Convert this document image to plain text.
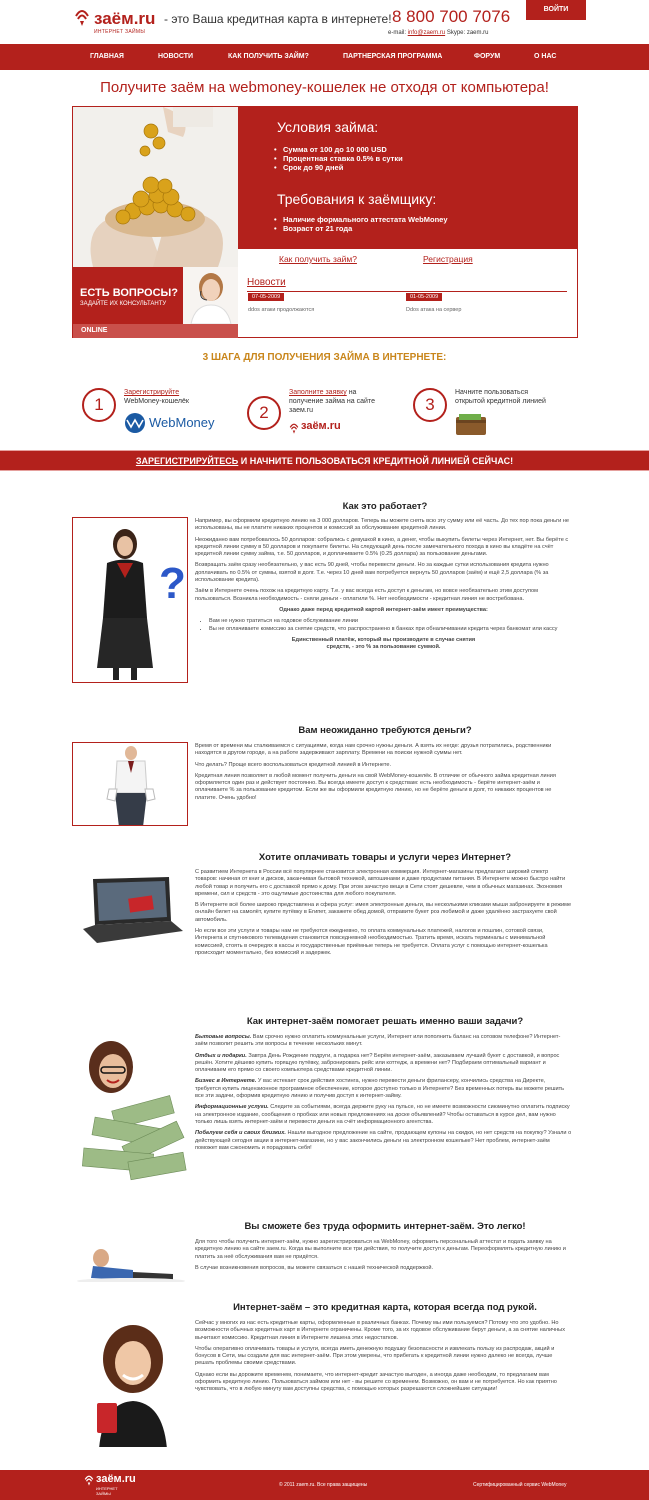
заём.ru
ИНТЕРНЕТ ЗАЙМЫ
- это Ваша кредитная карта в интернете! 8 800 700 7076
e-mail: info@zaem.ru Skype: zaem.ru
ВОЙТИ
ГЛАВНАЯ	НОВОСТИ	КАК ПОЛУЧИТЬ ЗАЙМ?	ПАРТНЕРСКАЯ ПРОГРАММА	ФОРУМ	О НАС
Получите заём на webmoney-кошелек не отходя от компьютера!
Условия займа:
• Сумма от 100 до 10 000 USD
• Процентная ставка 0.5% в сутки
• Срок до 90 дней
Требования к заёмщику:
• Наличие формального аттестата WebMoney
• Возраст от 21 года
Как получить займ?	Регистрация
ЕСТЬ ВОПРОСЫ?
ЗАДАЙТЕ ИХ КОНСУЛЬТАНТУ
ONLINE
Новости
07-05-2009
ddos атаки продолжаются
01-05-2009
Ddos атака на сервер
3 ШАГА ДЛЯ ПОЛУЧЕНИЯ ЗАЙМА В ИНТЕРНЕТЕ:
1
Зарегистрируйте
WebMoney-кошелёк
WebMoney
2
Заполните заявку на получение займа на сайте заем.ru
заём.ru
3
Начните пользоваться открытой кредитной линией
ЗАРЕГИСТРИРУЙТЕСЬ И НАЧНИТЕ ПОЛЬЗОВАТЬСЯ КРЕДИТНОЙ ЛИНИЕЙ СЕЙЧАС!
Как это работает?
?

Например, вы оформили кредитную линию на 3 000 долларов. Теперь вы можете снять всю эту сумму или её часть. До тех пор пока деньги не использованы, вы не платите никаких процентов и комиссий за обслуживание кредитной линии.

Неожиданно вам потребовалось 50 долларов: собрались с девушкой в кино, а денег, чтобы выкупить билеты через Интернет, нет. Вы берёте с кредитной линии сумму в 50 долларов и покупаете билеты. На следующий день после замечательного похода в кино вы кладёте на счёт кредитной линии сумму займа, т.е. 50 долларов, и доплачиваете 0.5% (0.25 доллара) за пользование деньгами.

Возвращать заём сразу необязательно, у вас есть 90 дней, чтобы перевести деньги. Но за каждые сутки использования кредита нужно доплачивать по 0.5% от суммы, взятой в долг. Т.е. через 10 дней вам потребуется вернуть 50 долларов (заём) и ещё 2,5 доллара (% за использование кредита).

Заём в Интернете очень похож на кредитную карту. Т.е. у вас всегда есть доступ к деньгам, но вовсе необязательно этим доступом пользоваться. Возникла необходимость - сняли деньги - оплатили %. Нет необходимости - кредитная линия не востребована.

Однако даже перед кредитной картой интернет-заём имеет преимущества:

• Вам не нужно тратиться на годовое обслуживание линии
• Вы не оплачиваете комиссию за снятие средств, что распространено в банках при обналичивании кредита через банкомат или кассу

Единственный платёж, который вы производите в случае снятия средств, - это % за пользование суммой.

Вам неожиданно требуются деньги?

Время от времени мы сталкиваемся с ситуациями, когда нам срочно нужны деньги. А взять их негде: друзья потратились, родственники находятся в другом городе, а на работе задерживают зарплату. Времени на поиски нужной суммы нет.

Что делать? Проще всего воспользоваться кредитной линией в Интернете.

Кредитная линия позволяет в любой момент получить деньги на свой WebMoney-кошелёк. В отличие от обычного займа кредитная линия оформляется один раз и действует постоянно. Вы всегда имеете доступ к средствам: есть необходимость - берёте интернет-заём и оплачиваете % за пользование кредитом. Если же вы оформили кредитную линию, но не берёте деньги в долг, то никаких процентов не платите. Очень удобно!

Хотите оплачивать товары и услуги через Интернет?

С развитием Интернета в России всё популярнее становится электронная коммерция. Интернет-магазины предлагают широкий спектр товаров: начиная от книг и дисков, заканчивая бытовой техникой, автошинами и даже продуктами питания. В Интернете можно быстро найти любой товар и получить его с доставкой прямо к дому. При этом зачастую вещи в Сети стоят дешевле, чем в обычных магазинах. Экономия времени, сил и средств - это ощутимые достоинства для любого покупателя.

В Интернете всё более широко представлена и сфера услуг: имея электронные деньги, вы несколькими кликами мыши забронируете в режиме онлайн билет на самолёт, купите путёвку в Египет, закажете обед домой, отправите букет роз любимой и даже удалённо застрахуете свой автомобиль.

Но если все эти услуги и товары нам не требуются ежедневно, то оплата коммунальных платежей, налогов и пошлин, сотовой связи, Интернета и спутникового телевидения становится повседневной необходимостью. Тратить время, искать терминалы с минимальной комиссией, стоять в очередях в кассы и государственные приёмные теперь не требуется. Оплата услуг с помощью интернет-кошелька происходит моментально, без комиссий и задержек.

Как интернет-заём помогает решать именно ваши задачи?

Бытовые вопросы. Вам срочно нужно оплатить коммунальные услуги, Интернет или пополнить баланс на сотовом телефоне? Интернет-заём позволит решить эти вопросы в течение нескольких минут.

Отдых и подарки. Завтра День Рождение подруги, а подарка нет? Берём интернет-заём, заказываем лучший букет с доставкой, и вопрос решён. Хотите дёшево купить горящую путёвку, забронировать рейс или коттедж, а времени нет? Подбираем оптимальный вариант и оплачиваем его прямо со своего компьютера средствами кредитной линии.

Бизнес в Интернете. У вас истекает срок действия хостинга, нужно перевести деньги фрилансеру, кончились средства на Директе, требуется купить лицензионное программное обеспечение, которое доступно только в Интернете? Без временных потерь вы можете решить все эти задачи, оформив кредитную линию и получив доступ к интернет-займу.

Информационные услуги. Следите за событиями, всегда держите руку на пульсе, но не имеете возможности сиюминутно оплатить подписку на электронное издание, сообщения о пробках или новых предложениях на доске объявлений? Чтобы оставаться в курсе дел, вам нужно только лишь взять интернет-заём и перевести деньги на счёт информационного агентства.

Побалуем себя и своих близких. Нашли выгодное предложение на сайте, продающем купоны на скидки, но нет средств на покупку? Узнали о действующей сегодня акции в интернет-магазине, но у вас закончились деньги на электронном кошельке? Нет проблем, интернет-заём поможет вам сэкономить и порадовать себя!

Вы сможете без труда оформить интернет-заём. Это легко!

Для того чтобы получить интернет-заём, нужно зарегистрироваться на WebMoney, оформить персональный аттестат и подать заявку на кредитную линию на сайте заем.ru. Когда вы выполните все три действия, то получите доступ к деньгам. Переоформлять кредитную линию и платить за неё обслуживания вам не придётся.

В случае возникновения вопросов, вы можете связаться с нашей технической поддержкой.

Интернет-заём – это кредитная карта, которая всегда под рукой.

Сейчас у многих из нас есть кредитные карты, оформленные в различных банках. Почему мы ими пользуемся? Потому что это удобно. Но возможности обычных кредитных карт в Интернете ограничены. Кроме того, за их годовое обслуживание берут деньги, а за снятие наличных вычитают комиссию. Кредитная линия в Интернете лишена этих недостатков.

Чтобы оперативно оплачивать товары и услуги, всегда иметь денежную подушку безопасности и извлекать пользу из распродаж, акций и бонусов в Сети, мы создали для вас интернет-заём. При этом уверены, что прибегать к кредитной линии нужно далеко не всегда, лучше решать проблемы своими средствами.

Однако если вы дорожите временем, понимаете, что интернет-кредит зачастую выгоден, а иногда даже необходим, то предлагаем вам оформить кредитную линию. Пользоваться займом или нет - вы решите со временем. Возможно, он вам и не потребуется. Но как приятно чувствовать, что в любую минуту вам доступны средства, с помощью которых разрешаются сложнейшие ситуации!

заём.ru
ИНТЕРНЕТ ЗАЙМЫ
© 2011 zaem.ru. Все права защищены	Сертифицированный сервис WebMoney
